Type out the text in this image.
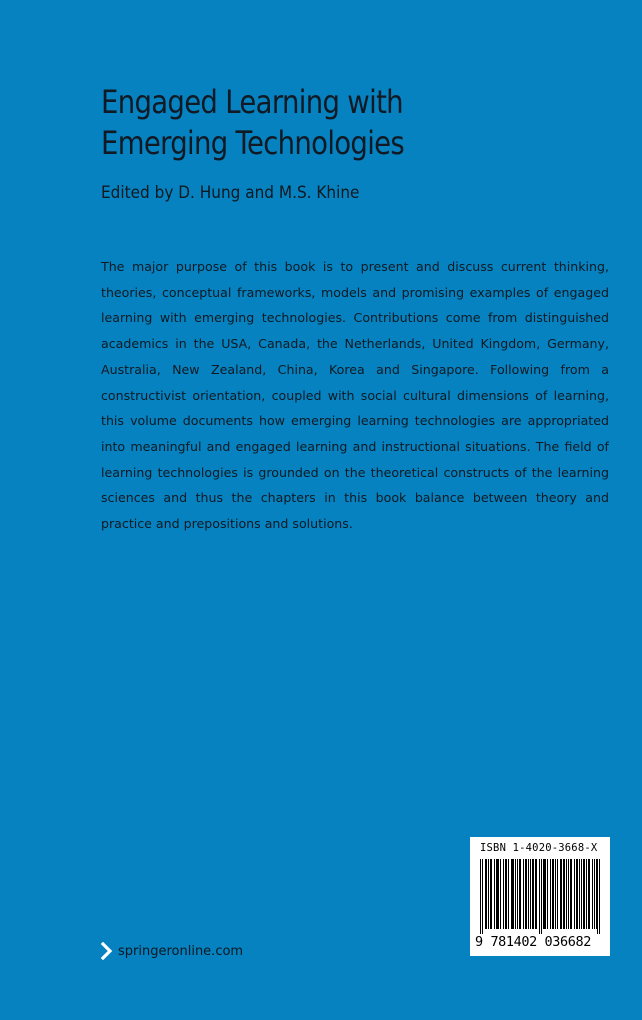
Engaged Learning with
Emerging Technologies
Edited by D. Hung and M.S. Khine

The major purpose of this book is to present and discuss current thinking, theories, conceptual frameworks, models and promising examples of engaged learning with emerging technologies. Contributions come from distinguished academics in the USA, Canada, the Netherlands, United Kingdom, Germany, Australia, New Zealand, China, Korea and Singapore. Following from a constructivist orientation, coupled with social cultural dimensions of learning, this volume documents how emerging learning technologies are appropriated into meaningful and engaged learning and instructional situations. The field of learning technologies is grounded on the theoretical constructs of the learning sciences and thus the chapters in this book balance between theory and practice and prepositions and solutions.

ISBN 1-4020-3668-X
9 781402 036682
springeronline.com
